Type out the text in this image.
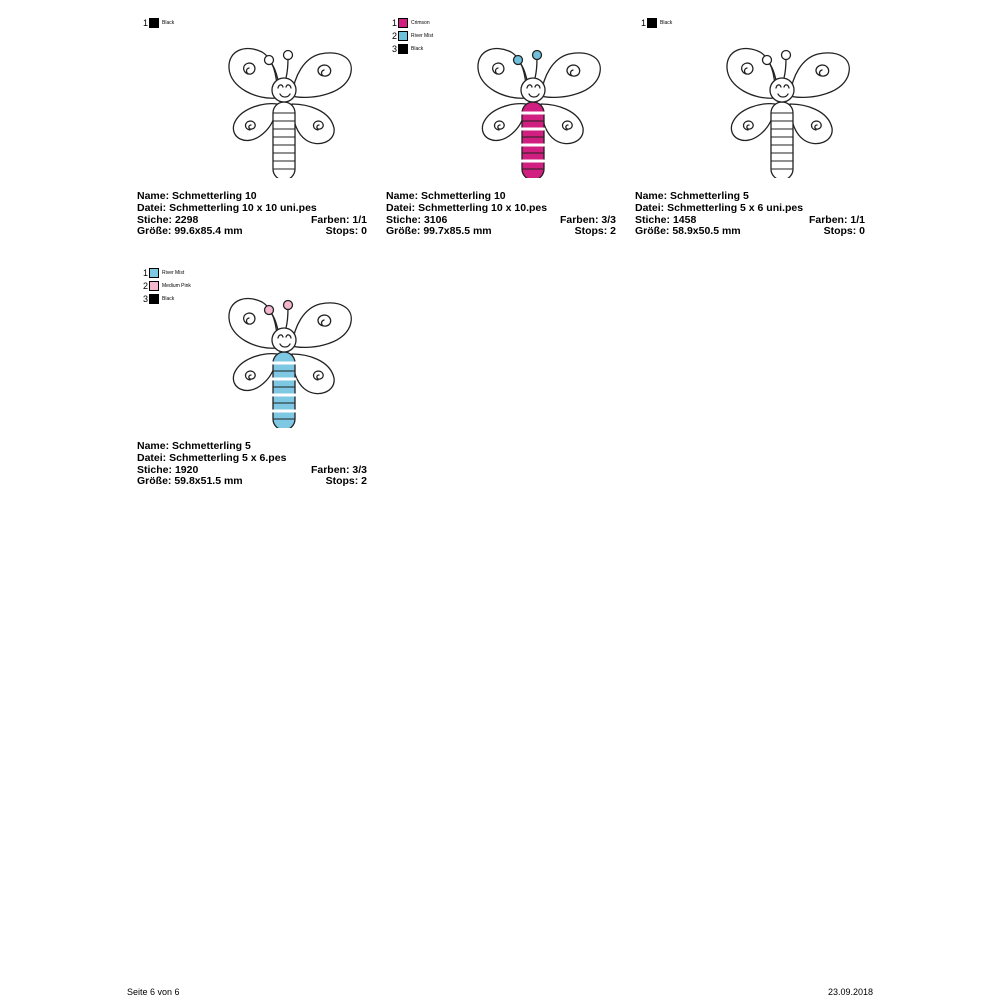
1	Black
Name: Schmetterling 10
Datei: Schmetterling 10 x 10 uni.pes
Stiche: 2298	Farben: 1/1
Größe: 99.6x85.4 mm	Stops: 0
1	Crimson
2	River Mist
3	Black
Name: Schmetterling 10
Datei: Schmetterling 10 x 10.pes
Stiche: 3106	Farben: 3/3
Größe: 99.7x85.5 mm	Stops: 2
1	Black
Name: Schmetterling 5
Datei: Schmetterling 5 x 6 uni.pes
Stiche: 1458	Farben: 1/1
Größe: 58.9x50.5 mm	Stops: 0
1	River Mist
2	Medium Pink
3	Black
Name: Schmetterling 5
Datei: Schmetterling 5 x 6.pes
Stiche: 1920	Farben: 3/3
Größe: 59.8x51.5 mm	Stops: 2
Seite 6 von 6	23.09.2018
